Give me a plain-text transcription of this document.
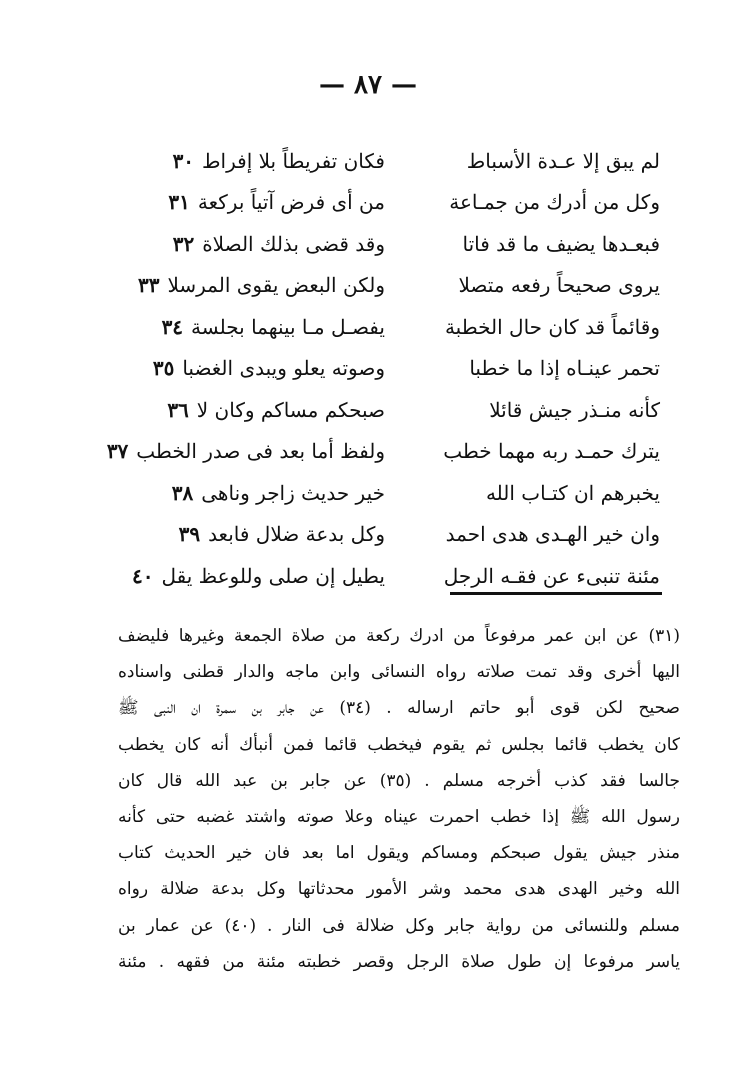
— ٨٧ —
لم يبق إلا عـدة الأسباط
فكان تفريطاً بلا إفراط٣٠
وكل من أدرك من جمـاعة
من أى فرض آتياً بركعة٣١
فبعـدها يضيف ما قد فاتا
وقد قضى بذلك الصلاة٣٢
يروى صحيحاً رفعه متصلا
ولكن البعض يقوى المرسلا٣٣
وقائماً قد كان حال الخطبة
يفصـل مـا بينهما بجلسة٣٤
تحمر عينـاه إذا ما خطبا
وصوته يعلو ويبدى الغضبا٣٥
كأنه منـذر جيش قائلا
صبحكم مساكم وكان لا٣٦
يترك حمـد ربه مهما خطب
ولفظ أما بعد فى صدر الخطب٣٧
يخبرهم ان كتـاب الله
خير حديث زاجر وناهى٣٨
وان خير الهـدى هدى احمد
وكل بدعة ضلال فابعد٣٩
مئنة تنبىء عن فقـه الرجل
يطيل إن صلى وللوعظ يقل٤٠
(٣١) عن ابن عمر مرفوعاً من ادرك ركعة من صلاة الجمعة وغيرها فليضف
اليها أخرى وقد تمت صلاته رواه النسائى وابن ماجه والدار قطنى واسناده
صحيح لكن قوى أبو حاتم ارساله . (٣٤) عن جابر بن سمرة ان النبى ﷺ
كان يخطب قائما بجلس ثم يقوم فيخطب قائما فمن أنبأك أنه كان يخطب
جالسا فقد كذب أخرجه مسلم . (٣٥) عن جابر بن عبد الله قال كان
رسول الله ﷺ إذا خطب احمرت عيناه وعلا صوته واشتد غضبه حتى كأنه
منذر جيش يقول صبحكم ومساكم ويقول اما بعد فان خير الحديث كتاب
الله وخير الهدى هدى محمد وشر الأمور محدثاتها وكل بدعة ضلالة رواه
مسلم وللنسائى من رواية جابر وكل ضلالة فى النار . (٤٠) عن عمار بن
ياسر مرفوعا إن طول صلاة الرجل وقصر خطبته مئنة من فقهه . مئنة
